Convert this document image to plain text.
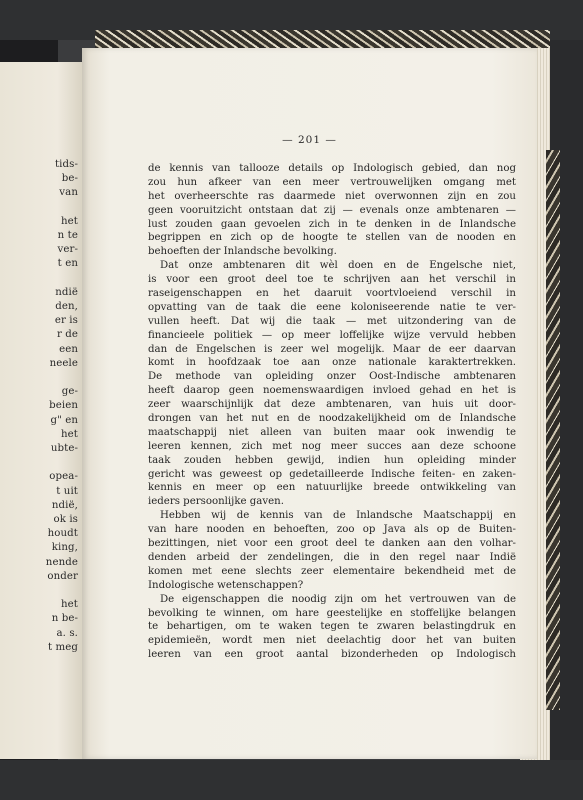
tids-
be-
van
het
n te
ver-
t en
ndië
den,
er is
r de
een
neele
ge-
beien
g" en
het
ubte-
opea-
t uit
ndië,
ok is
houdt
king,
nende
onder
het
n be-
a. s.
t meg
— 201 —
de kennis van tallooze details op Indologisch gebied, dan nog
zou hun afkeer van een meer vertrouwelijken omgang met
het overheerschte ras daarmede niet overwonnen zijn en zou
geen vooruitzicht ontstaan dat zij — evenals onze ambtenaren —
lust zouden gaan gevoelen zich in te denken in de Inlandsche
begrippen en zich op de hoogte te stellen van de nooden en
behoeften der Inlandsche bevolking.
Dat onze ambtenaren dit wèl doen en de Engelsche niet,
is voor een groot deel toe te schrijven aan het verschil in
raseigenschappen en het daaruit voortvloeiend verschil in
opvatting van de taak die eene koloniseerende natie te ver-
vullen heeft. Dat wij die taak — met uitzondering van de
financieele politiek — op meer loffelijke wijze vervuld hebben
dan de Engelschen is zeer wel mogelijk. Maar de eer daarvan
komt in hoofdzaak toe aan onze nationale karaktertrekken.
De methode van opleiding onzer Oost-Indische ambtenaren
heeft daarop geen noemenswaardigen invloed gehad en het is
zeer waarschijnlijk dat deze ambtenaren, van huis uit door-
drongen van het nut en de noodzakelijkheid om de Inlandsche
maatschappij niet alleen van buiten maar ook inwendig te
leeren kennen, zich met nog meer succes aan deze schoone
taak zouden hebben gewijd, indien hun opleiding minder
gericht was geweest op gedetailleerde Indische feiten- en zaken-
kennis en meer op een natuurlijke breede ontwikkeling van
ieders persoonlijke gaven.
Hebben wij de kennis van de Inlandsche Maatschappij en
van hare nooden en behoeften, zoo op Java als op de Buiten-
bezittingen, niet voor een groot deel te danken aan den volhar-
denden arbeid der zendelingen, die in den regel naar Indië
komen met eene slechts zeer elementaire bekendheid met de
Indologische wetenschappen?
De eigenschappen die noodig zijn om het vertrouwen van de
bevolking te winnen, om hare geestelijke en stoffelijke belangen
te behartigen, om te waken tegen te zwaren belastingdruk en
epidemieën, wordt men niet deelachtig door het van buiten
leeren van een groot aantal bizonderheden op Indologisch
